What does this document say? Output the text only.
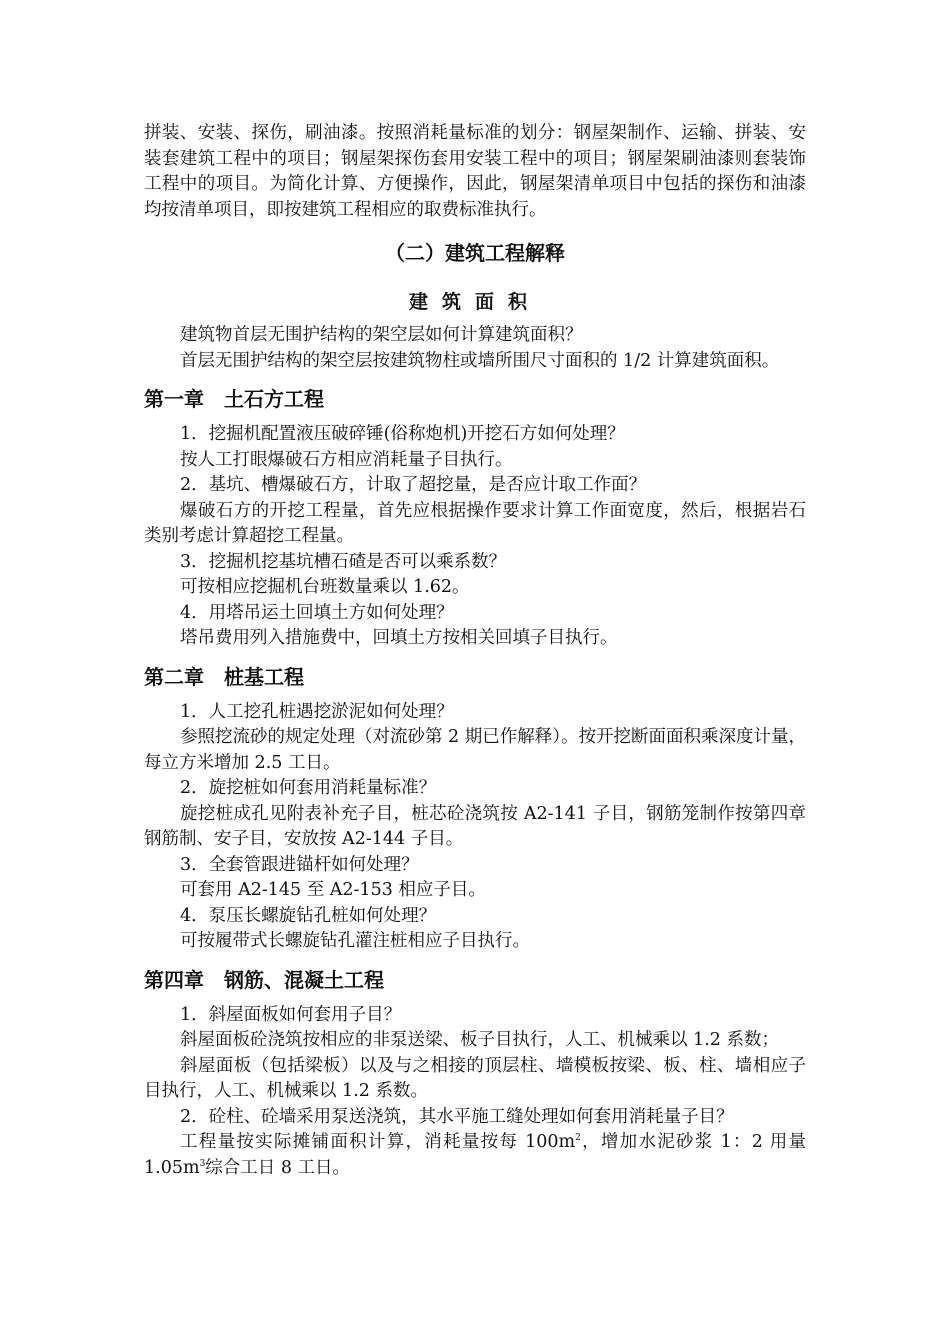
拼装、安装、探伤，刷油漆。按照消耗量标准的划分：钢屋架制作、运输、拼装、安装套建筑工程中的项目；钢屋架探伤套用安装工程中的项目；钢屋架刷油漆则套装饰工程中的项目。为简化计算、方便操作，因此，钢屋架清单项目中包括的探伤和油漆均按清单项目，即按建筑工程相应的取费标准执行。

（二）建筑工程解释
建筑面积

建筑物首层无围护结构的架空层如何计算建筑面积？

首层无围护结构的架空层按建筑物柱或墙所围尺寸面积的 1/2 计算建筑面积。

第一章　土石方工程

1．挖掘机配置液压破碎锤(俗称炮机)开挖石方如何处理？

按人工打眼爆破石方相应消耗量子目执行。

2．基坑、槽爆破石方，计取了超挖量，是否应计取工作面？

爆破石方的开挖工程量，首先应根据操作要求计算工作面宽度，然后，根据岩石类别考虑计算超挖工程量。

3．挖掘机挖基坑槽石碴是否可以乘系数？

可按相应挖掘机台班数量乘以 1.62。

4．用塔吊运土回填土方如何处理？

塔吊费用列入措施费中，回填土方按相关回填子目执行。

第二章　桩基工程

1．人工挖孔桩遇挖淤泥如何处理？

参照挖流砂的规定处理（对流砂第 2 期已作解释）。按开挖断面面积乘深度计量，每立方米增加 2.5 工日。

2．旋挖桩如何套用消耗量标准？

旋挖桩成孔见附表补充子目，桩芯砼浇筑按 A2-141 子目，钢筋笼制作按第四章钢筋制、安子目，安放按 A2-144 子目。

3．全套管跟进锚杆如何处理？

可套用 A2-145 至 A2-153 相应子目。

4．泵压长螺旋钻孔桩如何处理？

可按履带式长螺旋钻孔灌注桩相应子目执行。

第四章　钢筋、混凝土工程

1．斜屋面板如何套用子目？

斜屋面板砼浇筑按相应的非泵送梁、板子目执行，人工、机械乘以 1.2 系数；

斜屋面板（包括梁板）以及与之相接的顶层柱、墙模板按梁、板、柱、墙相应子目执行，人工、机械乘以 1.2 系数。

2．砼柱、砼墙采用泵送浇筑，其水平施工缝处理如何套用消耗量子目？

工程量按实际摊铺面积计算，消耗量按每 $100m^2$，增加水泥砂浆 1：2 用量 $1.05m^3$综合工日 8 工日。
